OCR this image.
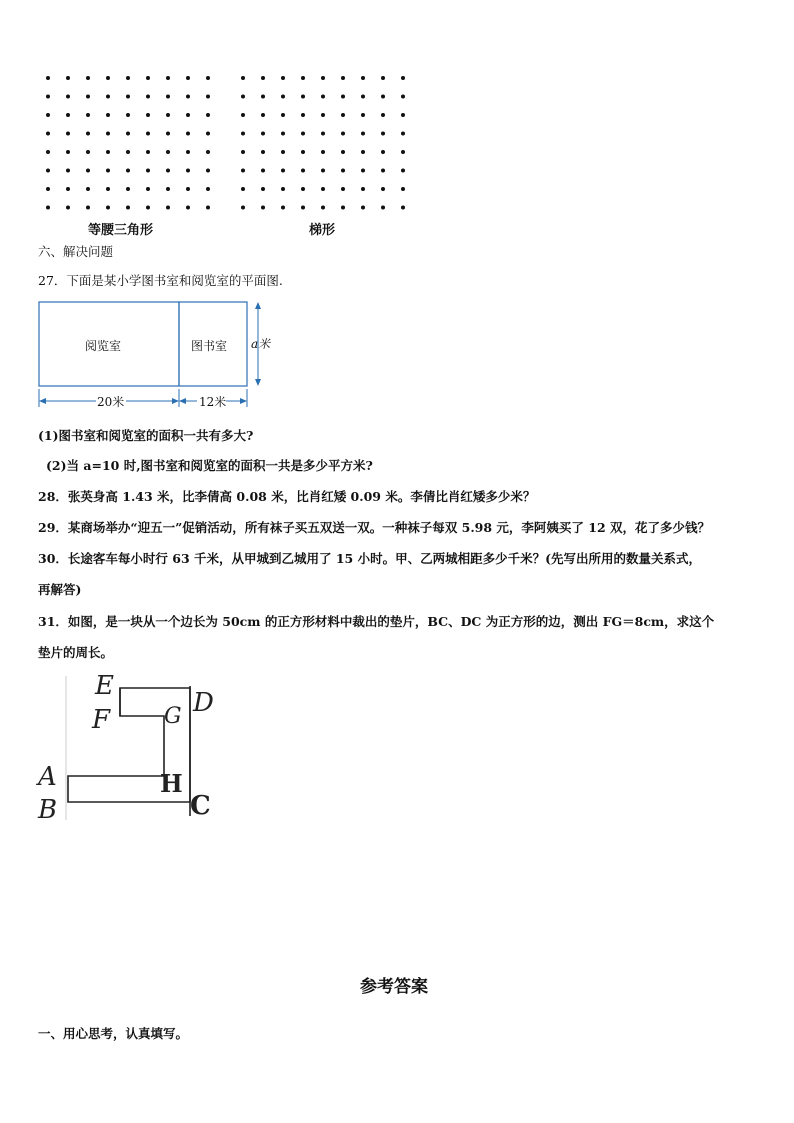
等腰三角形	梯形
六、解决问题
27．下面是某小学图书室和阅览室的平面图.
阅览室	图书室 a米
20米	12米
(1)图书室和阅览室的面积一共有多大?
(2)当 a=10 时,图书室和阅览室的面积一共是多少平方米?
28．张英身高 1.43 米，比李倩高 0.08 米，比肖红矮 0.09 米。李倩比肖红矮多少米？
29．某商场举办“迎五一”促销活动，所有袜子买五双送一双。一种袜子每双 5.98 元，李阿姨买了 12 双，花了多少钱？
30．长途客车每小时行 63 千米，从甲城到乙城用了 15 小时。甲、乙两城相距多少千米？(先写出所用的数量关系式，
再解答)
31．如图，是一块从一个边长为 50cm 的正方形材料中裁出的垫片，BC、DC 为正方形的边，测出 FG＝8cm，求这个
垫片的周长。
E
F G D
A
B
H
C
参考答案
一、用心思考，认真填写。
